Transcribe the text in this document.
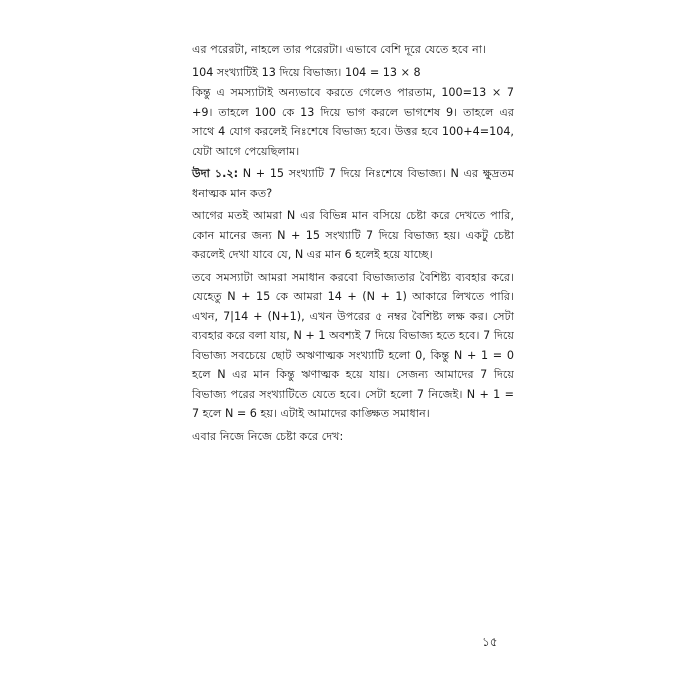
এর পরেরটা, নাহলে তার পরেরটা। এভাবে বেশি দূরে যেতে হবে না।

104 সংখ্যাটিই 13 দিয়ে বিভাজ্য। 104 = 13 × 8

কিন্তু এ সমস্যাটাই অন্যভাবে করতে গেলেও পারতাম, 100=13 × 7 +9। তাহলে 100 কে 13 দিয়ে ভাগ করলে ভাগশেষ 9। তাহলে এর সাথে 4 যোগ করলেই নিঃশেষে বিভাজ্য হবে। উত্তর হবে 100+4=104, যেটা আগে পেয়েছিলাম।

উদা ১.২: N + 15 সংখ্যাটি 7 দিয়ে নিঃশেষে বিভাজ্য। N এর ক্ষুদ্রতম ধনাত্মক মান কত?

আগের মতই আমরা N এর বিভিন্ন মান বসিয়ে চেষ্টা করে দেখতে পারি, কোন মানের জন্য N + 15 সংখ্যাটি 7 দিয়ে বিভাজ্য হয়। একটু চেষ্টা করলেই দেখা যাবে যে, N এর মান 6 হলেই হয়ে যাচ্ছে।

তবে সমস্যাটা আমরা সমাধান করবো বিভাজ্যতার বৈশিষ্ট্য ব্যবহার করে। যেহেতু N + 15 কে আমরা 14 + (N + 1) আকারে লিখতে পারি। এখন, 7|14 + (N+1), এখন উপরের ৫ নম্বর বৈশিষ্ট্য লক্ষ কর। সেটা ব্যবহার করে বলা যায়, N + 1 অবশ্যই 7 দিয়ে বিভাজ্য হতে হবে। 7 দিয়ে বিভাজ্য সবচেয়ে ছোট অঋণাত্মক সংখ্যাটি হলো 0, কিন্তু N + 1 = 0 হলে N এর মান কিন্তু ঋণাত্মক হয়ে যায়। সেজন্য আমাদের 7 দিয়ে বিভাজ্য পরের সংখ্যাটিতে যেতে হবে। সেটা হলো 7 নিজেই। N + 1 = 7 হলে N = 6 হয়। এটাই আমাদের কাঙ্ক্ষিত সমাধান।

এবার নিজে নিজে চেষ্টা করে দেখ:

১৫
